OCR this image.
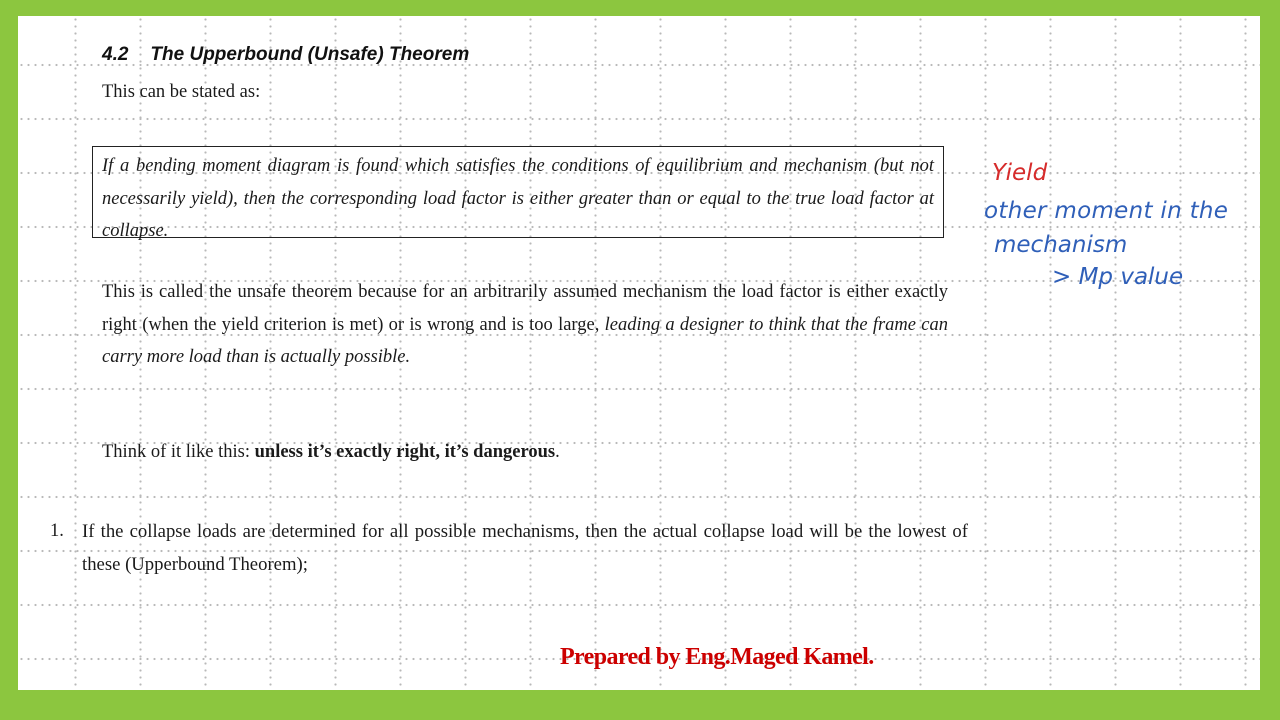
4.2 The Upperbound (Unsafe) Theorem
This can be stated as:
If a bending moment diagram is found which satisfies the conditions of equilibrium and mechanism (but not necessarily yield), then the corresponding load factor is either greater than or equal to the true load factor at collapse.
This is called the unsafe theorem because for an arbitrarily assumed mechanism the load factor is either exactly right (when the yield criterion is met) or is wrong and is too large, leading a designer to think that the frame can carry more load than is actually possible.
Think of it like this: unless it’s exactly right, it’s dangerous.
1. If the collapse loads are determined for all possible mechanisms, then the actual collapse load will be the lowest of these (Upperbound Theorem);
Prepared by Eng.Maged Kamel.
Yield
other moment in the
mechanism
> Mp value
